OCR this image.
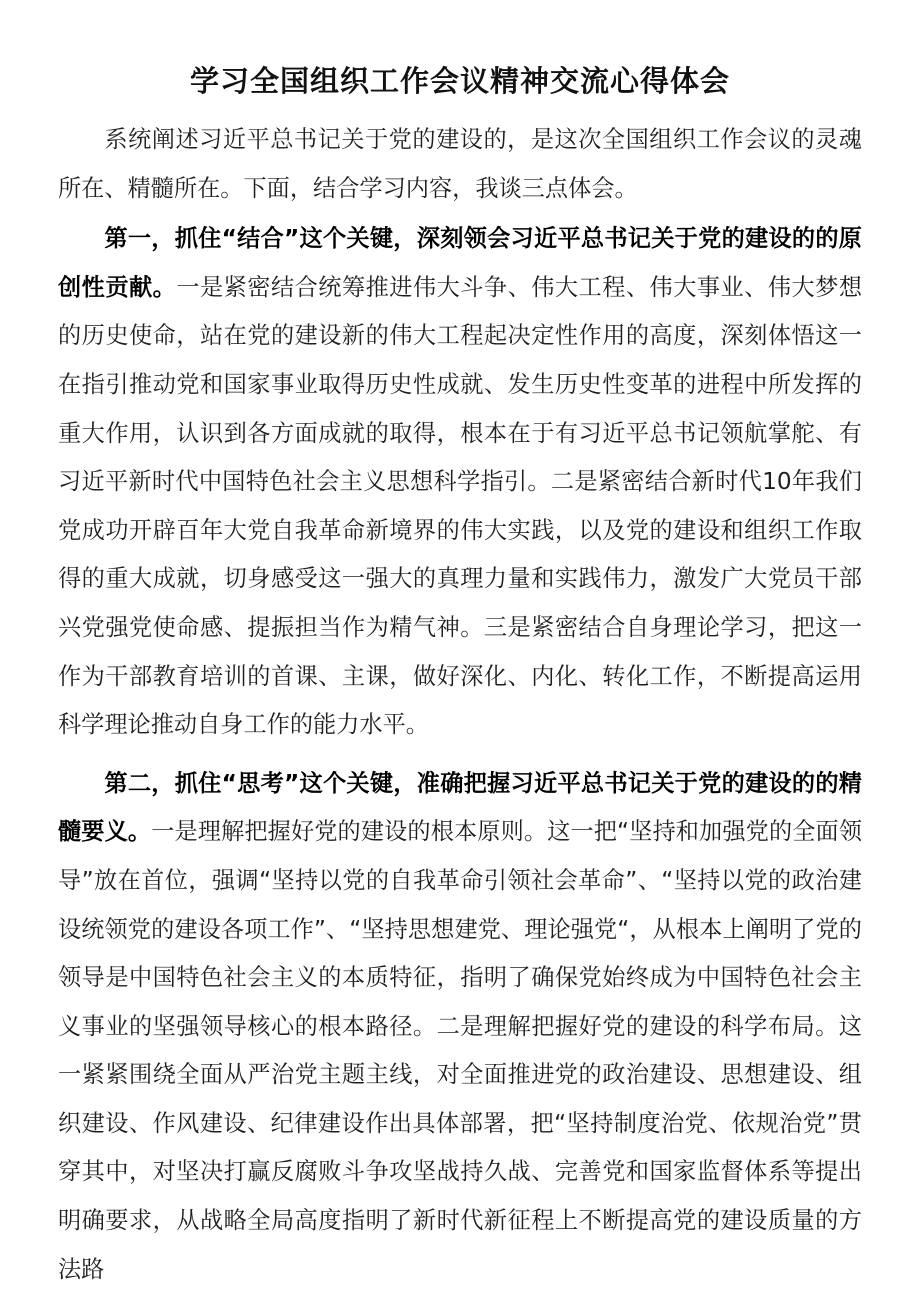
学习全国组织工作会议精神交流心得体会

系统阐述习近平总书记关于党的建设的，是这次全国组织工作会议的灵魂所在、精髓所在。下面，结合学习内容，我谈三点体会。

第一，抓住“结合”这个关键，深刻领会习近平总书记关于党的建设的的原创性贡献。一是紧密结合统筹推进伟大斗争、伟大工程、伟大事业、伟大梦想的历史使命，站在党的建设新的伟大工程起决定性作用的高度，深刻体悟这一在指引推动党和国家事业取得历史性成就、发生历史性变革的进程中所发挥的重大作用，认识到各方面成就的取得，根本在于有习近平总书记领航掌舵、有习近平新时代中国特色社会主义思想科学指引。二是紧密结合新时代10年我们党成功开辟百年大党自我革命新境界的伟大实践，以及党的建设和组织工作取得的重大成就，切身感受这一强大的真理力量和实践伟力，激发广大党员干部兴党强党使命感、提振担当作为精气神。三是紧密结合自身理论学习，把这一作为干部教育培训的首课、主课，做好深化、内化、转化工作，不断提高运用科学理论推动自身工作的能力水平。

第二，抓住“思考”这个关键，准确把握习近平总书记关于党的建设的的精髓要义。一是理解把握好党的建设的根本原则。这一把“坚持和加强党的全面领导”放在首位，强调“坚持以党的自我革命引领社会革命”、“坚持以党的政治建设统领党的建设各项工作”、“坚持思想建党、理论强党“，从根本上阐明了党的领导是中国特色社会主义的本质特征，指明了确保党始终成为中国特色社会主义事业的坚强领导核心的根本路径。二是理解把握好党的建设的科学布局。这一紧紧围绕全面从严治党主题主线，对全面推进党的政治建设、思想建设、组织建设、作风建设、纪律建设作出具体部署，把“坚持制度治党、依规治党”贯穿其中，对坚决打赢反腐败斗争攻坚战持久战、完善党和国家监督体系等提出明确要求，从战略全局高度指明了新时代新征程上不断提高党的建设质量的方法路
